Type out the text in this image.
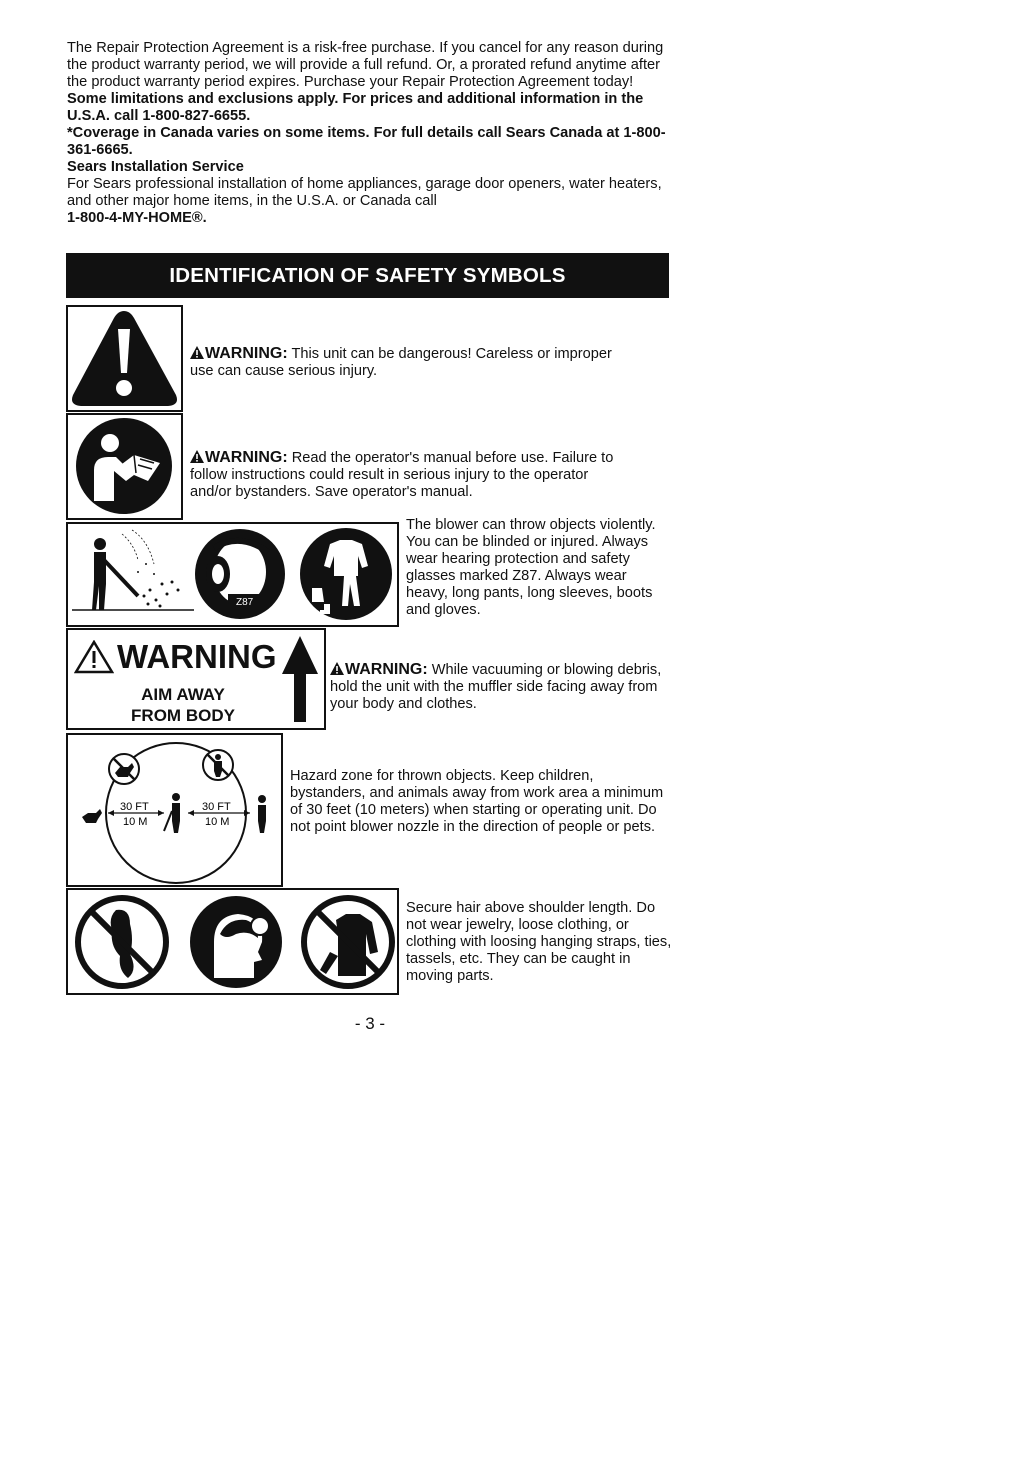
The Repair Protection Agreement is a risk-free purchase. If you cancel for any reason during the product warranty period, we will provide a full refund. Or, a prorated refund anytime after the product warranty period expires. Purchase your Repair Protection Agreement today!

Some limitations and exclusions apply. For prices and additional information in the U.S.A. call 1-800-827-6655.

*Coverage in Canada varies on some items. For full details call Sears Canada at 1-800-361-6665.

Sears Installation Service

For Sears professional installation of home appliances, garage door openers, water heaters, and other major home items, in the U.S.A. or Canada call
1-800-4-MY-HOME®.

IDENTIFICATION OF SAFETY SYMBOLS
WARNING: This unit can be dangerous! Careless or improper use can cause serious injury.
WARNING: Read the operator's manual before use. Failure to follow instructions could result in serious injury to the operator and/or bystanders. Save operator's manual.
Z87
The blower can throw objects violently. You can be blinded or injured. Always wear hearing protection and safety glasses marked Z87. Always wear heavy, long pants, long sleeves, boots and gloves.
WARNING
AIM AWAY
FROM BODY
WARNING: While vacuuming or blowing debris, hold the unit with the muffler side facing away from your body and clothes.
30 FT
10 M
30 FT
10 M
Hazard zone for thrown objects. Keep children, bystanders, and animals away from work area a minimum of 30 feet (10 meters) when starting or operating unit. Do not point blower nozzle in the direction of people or pets.
Secure hair above shoulder length. Do not wear jewelry, loose clothing, or clothing with loosing hanging straps, ties, tassels, etc. They can be caught in moving parts.
- 3 -
